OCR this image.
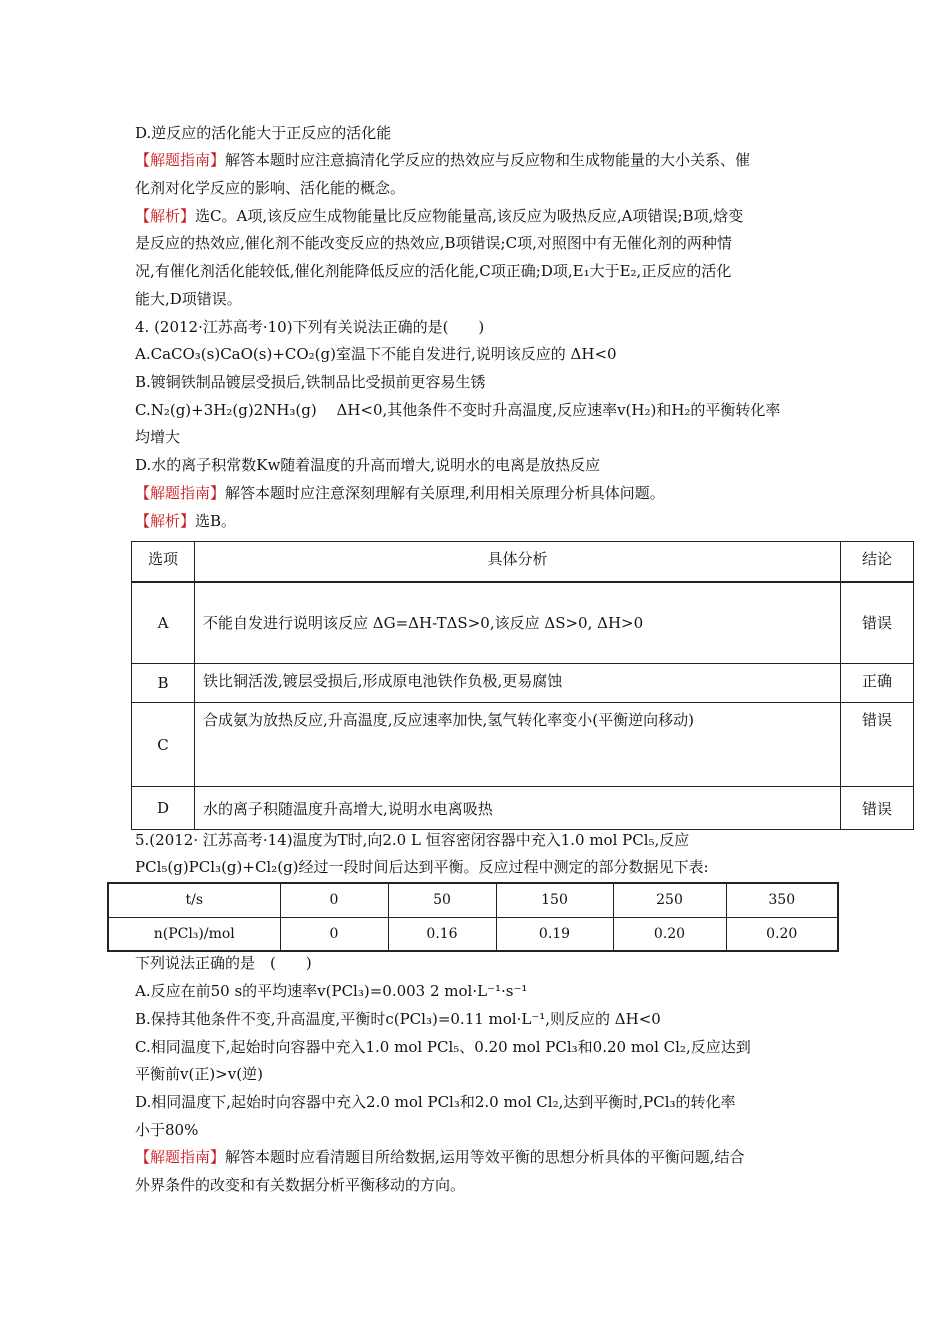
D.逆反应的活化能大于正反应的活化能
【解题指南】解答本题时应注意搞清化学反应的热效应与反应物和生成物能量的大小关系、催
化剂对化学反应的影响、活化能的概念。
【解析】选C。A项,该反应生成物能量比反应物能量高,该反应为吸热反应,A项错误;B项,焓变
是反应的热效应,催化剂不能改变反应的热效应,B项错误;C项,对照图中有无催化剂的两种情
况,有催化剂活化能较低,催化剂能降低反应的活化能,C项正确;D项,E₁大于E₂,正反应的活化
能大,D项错误。
4. (2012·江苏高考·10)下列有关说法正确的是(　　)
A.CaCO₃(s)CaO(s)+CO₂(g)室温下不能自发进行,说明该反应的 ΔH<0
B.镀铜铁制品镀层受损后,铁制品比受损前更容易生锈
C.N₂(g)+3H₂(g)2NH₃(g)　 ΔH<0,其他条件不变时升高温度,反应速率v(H₂)和H₂的平衡转化率
均增大
D.水的离子积常数Kw随着温度的升高而增大,说明水的电离是放热反应
【解题指南】解答本题时应注意深刻理解有关原理,利用相关原理分析具体问题。
【解析】选B。
选项	具体分析	结论
A	不能自发进行说明该反应 ΔG=ΔH-TΔS>0,该反应 ΔS>0, ΔH>0	错误
B	铁比铜活泼,镀层受损后,形成原电池铁作负极,更易腐蚀	正确
C	合成氨为放热反应,升高温度,反应速率加快,氢气转化率变小(平衡逆向移动)	错误
D	水的离子积随温度升高增大,说明水电离吸热	错误
5.(2012· 江苏高考·14)温度为T时,向2.0 L 恒容密闭容器中充入1.0 mol PCl₅,反应
PCl₅(g)PCl₃(g)+Cl₂(g)经过一段时间后达到平衡。反应过程中测定的部分数据见下表:
t/s	0	50	150	250	350
n(PCl₃)/mol	0	0.16	0.19	0.20	0.20
下列说法正确的是　(　　)
A.反应在前50 s的平均速率v(PCl₃)=0.003 2 mol·L⁻¹·s⁻¹
B.保持其他条件不变,升高温度,平衡时c(PCl₃)=0.11 mol·L⁻¹,则反应的 ΔH<0
C.相同温度下,起始时向容器中充入1.0 mol PCl₅、0.20 mol PCl₃和0.20 mol Cl₂,反应达到
平衡前v(正)>v(逆)
D.相同温度下,起始时向容器中充入2.0 mol PCl₃和2.0 mol Cl₂,达到平衡时,PCl₃的转化率
小于80%
【解题指南】解答本题时应看清题目所给数据,运用等效平衡的思想分析具体的平衡问题,结合
外界条件的改变和有关数据分析平衡移动的方向。
